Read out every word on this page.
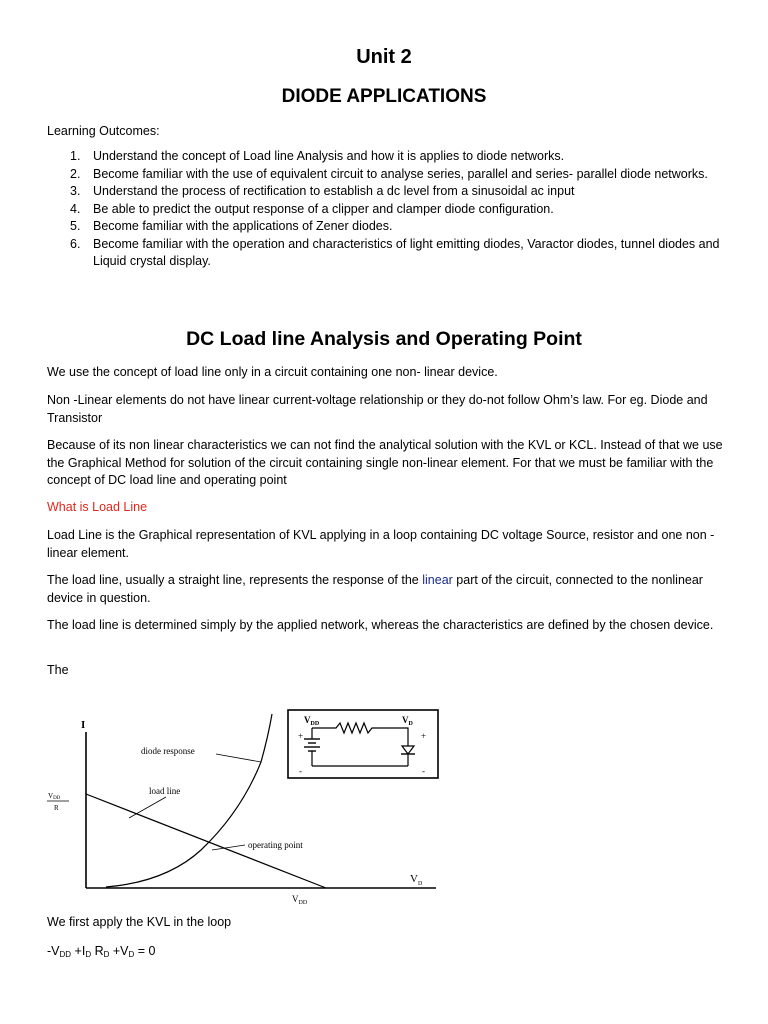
Unit 2
DIODE APPLICATIONS
Learning Outcomes:
1. Understand the concept of Load line Analysis and how it is applies to diode networks.
2. Become familiar with the use of equivalent circuit to analyse series, parallel and series- parallel diode networks.
3. Understand the process of rectification to establish a dc level from a sinusoidal ac input
4. Be able to predict the output response of a clipper and clamper diode configuration.
5. Become familiar with the applications of Zener diodes.
6. Become familiar with the operation and characteristics of light emitting diodes, Varactor diodes, tunnel diodes and Liquid crystal display.
DC Load line Analysis and Operating Point

We use the concept of load line only in a circuit containing one non- linear device.

Non -Linear elements do not have linear current-voltage relationship or they do-not follow Ohm’s law. For eg. Diode and Transistor

Because of its non linear characteristics we can not find the analytical solution with the KVL or KCL. Instead of that we use the Graphical Method for solution of the circuit containing single non-linear element. For that we must be familiar with the concept of DC load line and operating point

What is Load Line

Load Line is the Graphical representation of KVL applying in a loop containing DC voltage Source, resistor and one non -linear element.

The load line, usually a straight line, represents the response of the linear part of the circuit, connected to the nonlinear device in question.

The load line is determined simply by the applied network, whereas the characteristics are defined by the chosen device.

The

I
$V_D$
VDD
R
load line
diode response
operating point
$V_{DD}$
$V_{DD}$	$V_D$
+
-
+
-

We first apply the KVL in the loop

$-V_{DD} +I_D$ $R_D +V_D = 0$
